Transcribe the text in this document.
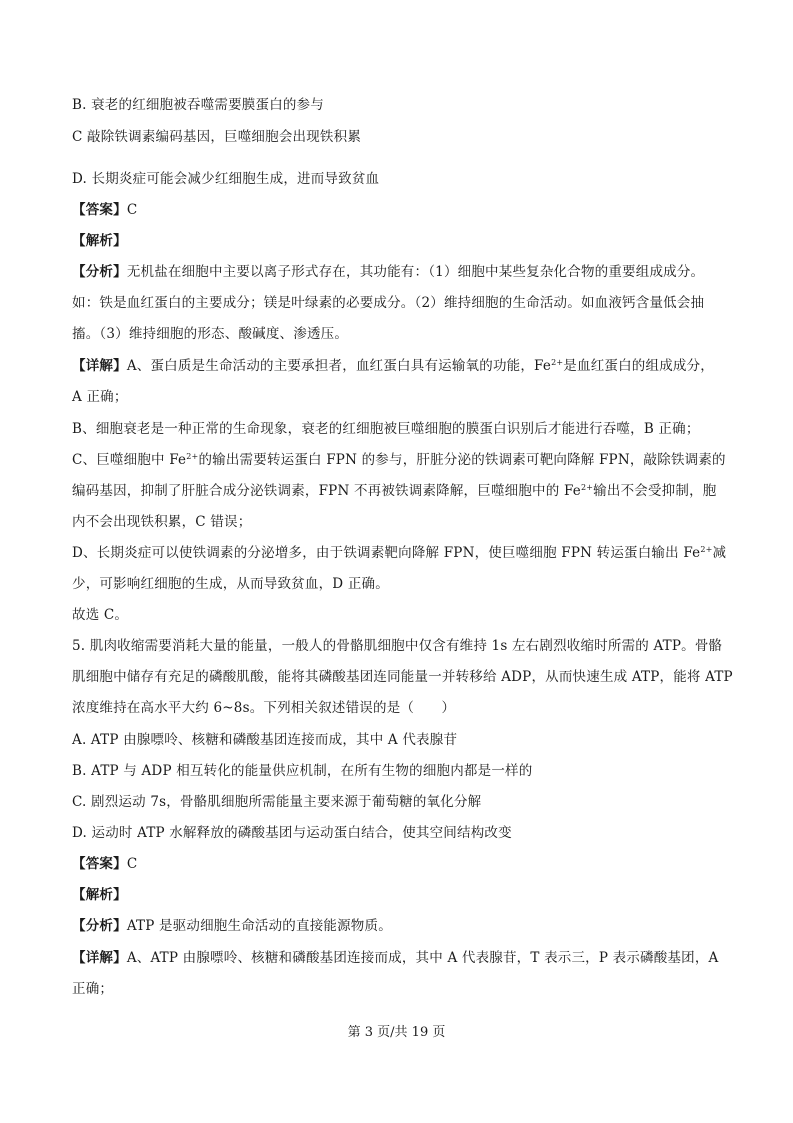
B. 衰老的红细胞被吞噬需要膜蛋白的参与
C 敲除铁调素编码基因，巨噬细胞会出现铁积累
D. 长期炎症可能会减少红细胞生成，进而导致贫血
【答案】C
【解析】
【分析】无机盐在细胞中主要以离子形式存在，其功能有：（1）细胞中某些复杂化合物的重要组成成分。
如：铁是血红蛋白的主要成分；镁是叶绿素的必要成分。（2）维持细胞的生命活动。如血液钙含量低会抽
搐。（3）维持细胞的形态、酸碱度、渗透压。
【详解】A、蛋白质是生命活动的主要承担者，血红蛋白具有运输氧的功能，$Fe^{2+}$是血红蛋白的组成成分，
A 正确；
B、细胞衰老是一种正常的生命现象，衰老的红细胞被巨噬细胞的膜蛋白识别后才能进行吞噬，B 正确；
C、巨噬细胞中 $Fe^{2+}$的输出需要转运蛋白 FPN 的参与，肝脏分泌的铁调素可靶向降解 FPN，敲除铁调素的
编码基因，抑制了肝脏合成分泌铁调素，FPN 不再被铁调素降解，巨噬细胞中的 $Fe^{2+}$输出不会受抑制，胞
内不会出现铁积累，C 错误；
D、长期炎症可以使铁调素的分泌增多，由于铁调素靶向降解 FPN，使巨噬细胞 FPN 转运蛋白输出 $Fe^{2+}$减
少，可影响红细胞的生成，从而导致贫血，D 正确。
故选 C。
5. 肌肉收缩需要消耗大量的能量，一般人的骨骼肌细胞中仅含有维持 1s 左右剧烈收缩时所需的 ATP。骨骼
肌细胞中储存有充足的磷酸肌酸，能将其磷酸基团连同能量一并转移给 ADP，从而快速生成 ATP，能将 ATP
浓度维持在高水平大约 6~8s。下列相关叙述错误的是（　　）
A. ATP 由腺嘌呤、核糖和磷酸基团连接而成，其中 A 代表腺苷
B. ATP 与 ADP 相互转化的能量供应机制，在所有生物的细胞内都是一样的
C. 剧烈运动 7s，骨骼肌细胞所需能量主要来源于葡萄糖的氧化分解
D. 运动时 ATP 水解释放的磷酸基团与运动蛋白结合，使其空间结构改变
【答案】C
【解析】
【分析】ATP 是驱动细胞生命活动的直接能源物质。
【详解】A、ATP 由腺嘌呤、核糖和磷酸基团连接而成，其中 A 代表腺苷，T 表示三，P 表示磷酸基团，A
正确；
第 3 页/共 19 页
